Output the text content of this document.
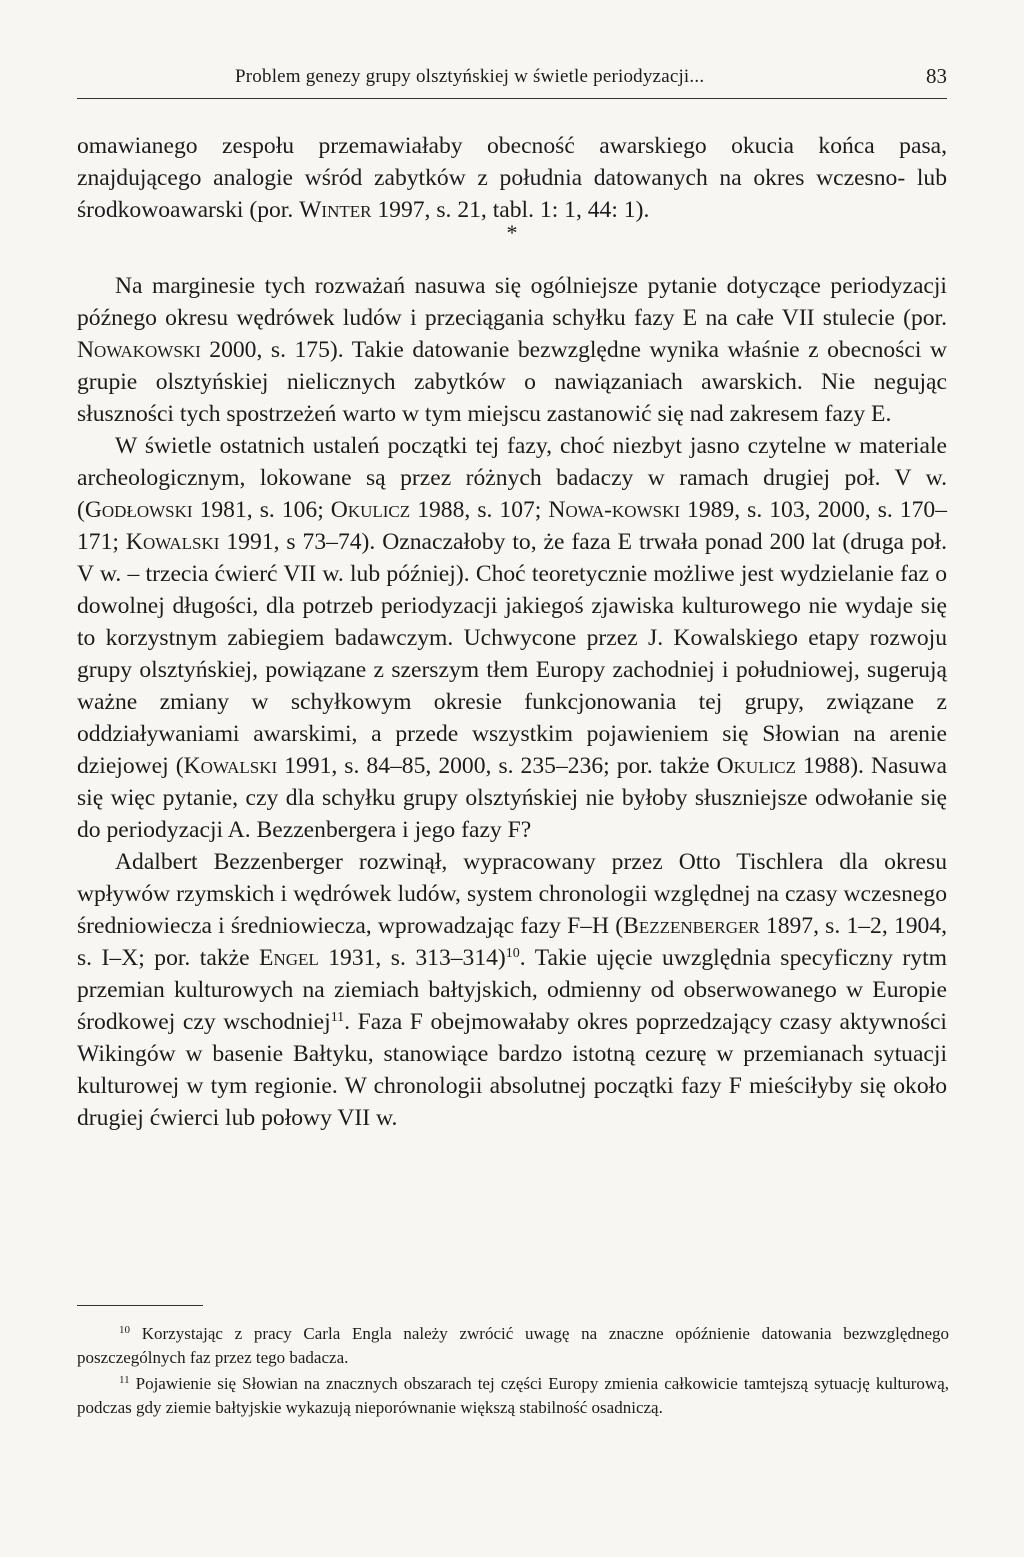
Problem genezy grupy olsztyńskiej w świetle periodyzacji...	83

omawianego zespołu przemawiałaby obecność awarskiego okucia końca pasa, znajdującego analogie wśród zabytków z południa datowanych na okres wczesno- lub środkowoawarski (por. Winter 1997, s. 21, tabl. 1: 1, 44: 1).

*

Na marginesie tych rozważań nasuwa się ogólniejsze pytanie dotyczące periodyzacji późnego okresu wędrówek ludów i przeciągania schyłku fazy E na całe VII stulecie (por. Nowakowski 2000, s. 175). Takie datowanie bezwzględne wynika właśnie z obecności w grupie olsztyńskiej nielicznych zabytków o nawiązaniach awarskich. Nie negując słuszności tych spostrzeżeń warto w tym miejscu zastanowić się nad zakresem fazy E.

W świetle ostatnich ustaleń początki tej fazy, choć niezbyt jasno czytelne w materiale archeologicznym, lokowane są przez różnych badaczy w ramach drugiej poł. V w. (Godłowski 1981, s. 106; Okulicz 1988, s. 107; Nowa-kowski 1989, s. 103, 2000, s. 170–171; Kowalski 1991, s 73–74). Oznaczałoby to, że faza E trwała ponad 200 lat (druga poł. V w. – trzecia ćwierć VII w. lub później). Choć teoretycznie możliwe jest wydzielanie faz o dowolnej długości, dla potrzeb periodyzacji jakiegoś zjawiska kulturowego nie wydaje się to korzystnym zabiegiem badawczym. Uchwycone przez J. Kowalskiego etapy rozwoju grupy olsztyńskiej, powiązane z szerszym tłem Europy zachodniej i południowej, sugerują ważne zmiany w schyłkowym okresie funkcjonowania tej grupy, związane z oddziaływaniami awarskimi, a przede wszystkim pojawieniem się Słowian na arenie dziejowej (Kowalski 1991, s. 84–85, 2000, s. 235–236; por. także Okulicz 1988). Nasuwa się więc pytanie, czy dla schyłku grupy olsztyńskiej nie byłoby słuszniejsze odwołanie się do periodyzacji A. Bezzenbergera i jego fazy F?

Adalbert Bezzenberger rozwinął, wypracowany przez Otto Tischlera dla okresu wpływów rzymskich i wędrówek ludów, system chronologii względnej na czasy wczesnego średniowiecza i średniowiecza, wprowadzając fazy F–H (Bezzenberger 1897, s. 1–2, 1904, s. I–X; por. także Engel 1931, s. 313–314)$^{10}$. Takie ujęcie uwzględnia specyficzny rytm przemian kulturowych na ziemiach bałtyjskich, odmienny od obserwowanego w Europie środkowej czy wschodniej$^{11}$. Faza F obejmowałaby okres poprzedzający czasy aktywności Wikingów w basenie Bałtyku, stanowiące bardzo istotną cezurę w przemianach sytuacji kulturowej w tym regionie. W chronologii absolutnej początki fazy F mieściłyby się około drugiej ćwierci lub połowy VII w.

$^{10}$ Korzystając z pracy Carla Engla należy zwrócić uwagę na znaczne opóźnienie datowania bezwzględnego poszczególnych faz przez tego badacza.

$^{11}$ Pojawienie się Słowian na znacznych obszarach tej części Europy zmienia całkowicie tamtejszą sytuację kulturową, podczas gdy ziemie bałtyjskie wykazują nieporównanie większą stabilność osadniczą.
